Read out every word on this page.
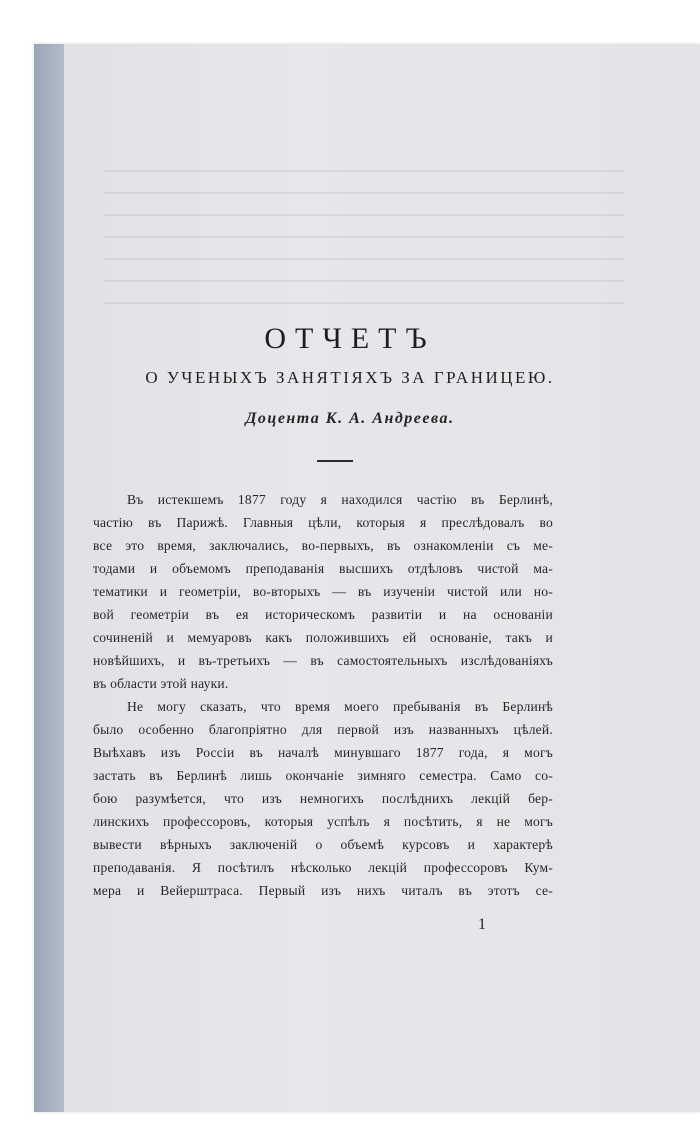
ОТЧЕТЪ

О УЧЕНЫХЪ ЗАНЯТІЯХЪ ЗА ГРАНИЦЕЮ.

Доцента К. А. Андреева.

Въ истекшемъ 1877 году я находился частію въ Берлинѣ,
частію въ Парижѣ. Главныя цѣли, которыя я преслѣдовалъ во
все это время, заключались, во-первыхъ, въ ознакомленіи съ ме-
тодами и объемомъ преподаванія высшихъ отдѣловъ чистой ма-
тематики и геометріи, во-вторыхъ — въ изученіи чистой или но-
вой геометріи въ ея историческомъ развитіи и на основаніи
сочиненій и мемуаровъ какъ положившихъ ей основаніе, такъ и
новѣйшихъ, и въ-третьихъ — въ самостоятельныхъ изслѣдованіяхъ
въ области этой науки.
Не могу сказать, что время моего пребыванія въ Берлинѣ
было особенно благопріятно для первой изъ названныхъ цѣлей.
Выѣхавъ изъ Россіи въ началѣ минувшаго 1877 года, я могъ
застать въ Берлинѣ лишь окончаніе зимняго семестра. Само со-
бою разумѣется, что изъ немногихъ послѣднихъ лекцій бер-
линскихъ профессоровъ, которыя успѣлъ я посѣтить, я не могъ
вывести вѣрныхъ заключеній о объемѣ курсовъ и характерѣ
преподаванія. Я посѣтилъ нѣсколько лекцій профессоровъ Кум-
мера и Вейерштраса. Первый изъ нихъ читалъ въ этотъ се-

1
